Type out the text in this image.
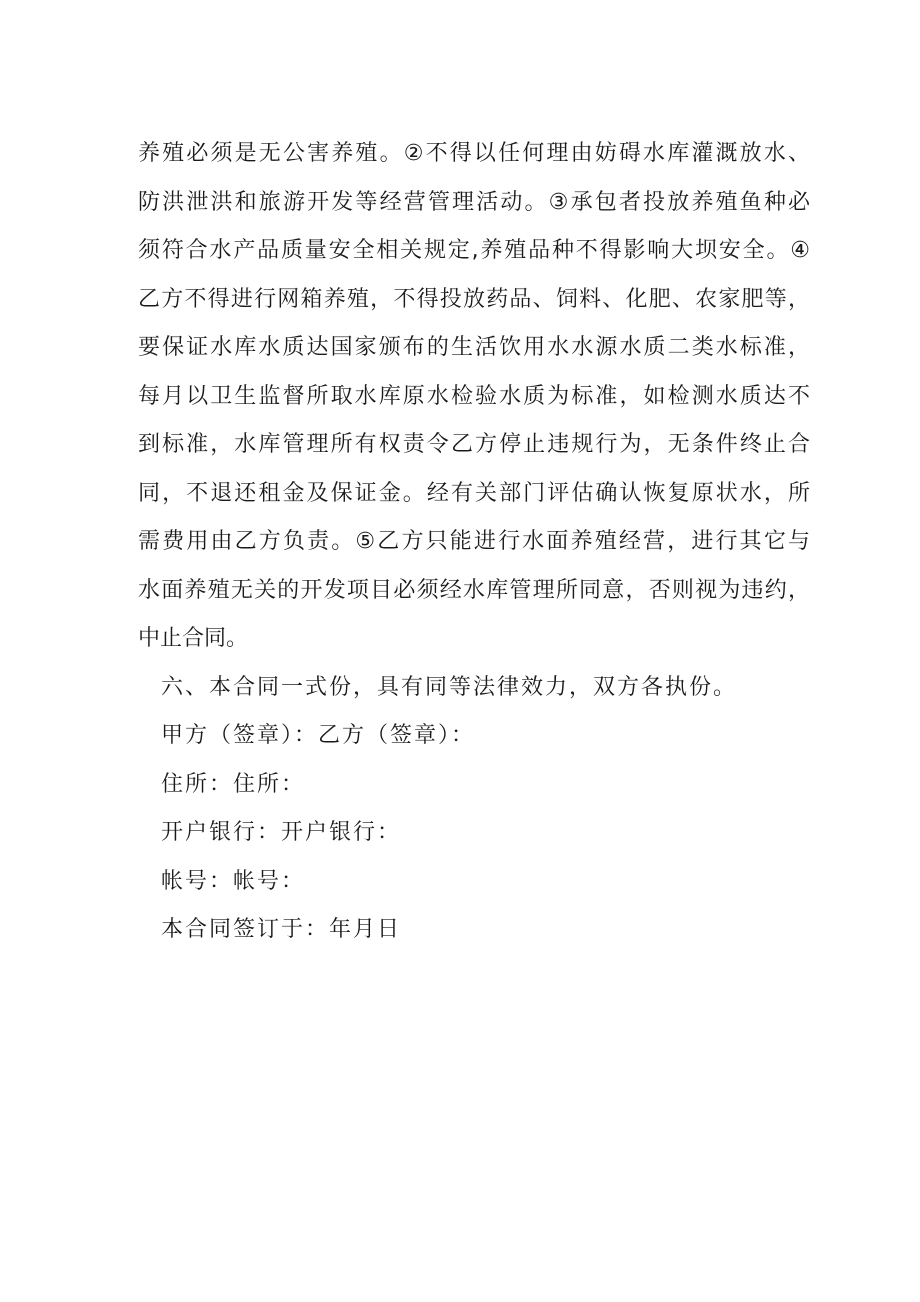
养殖必须是无公害养殖。②不得以任何理由妨碍水库灌溉放水、
防洪泄洪和旅游开发等经营管理活动。③承包者投放养殖鱼种必
须符合水产品质量安全相关规定,养殖品种不得影响大坝安全。④
乙方不得进行网箱养殖，不得投放药品、饲料、化肥、农家肥等，
要保证水库水质达国家颁布的生活饮用水水源水质二类水标准，
每月以卫生监督所取水库原水检验水质为标准，如检测水质达不
到标准，水库管理所有权责令乙方停止违规行为，无条件终止合
同，不退还租金及保证金。经有关部门评估确认恢复原状水，所
需费用由乙方负责。⑤乙方只能进行水面养殖经营，进行其它与
水面养殖无关的开发项目必须经水库管理所同意，否则视为违约，
中止合同。
六、本合同一式份，具有同等法律效力，双方各执份。
甲方（签章）：乙方（签章）：
住所：住所：
开户银行：开户银行：
帐号：帐号：
本合同签订于：年月日
